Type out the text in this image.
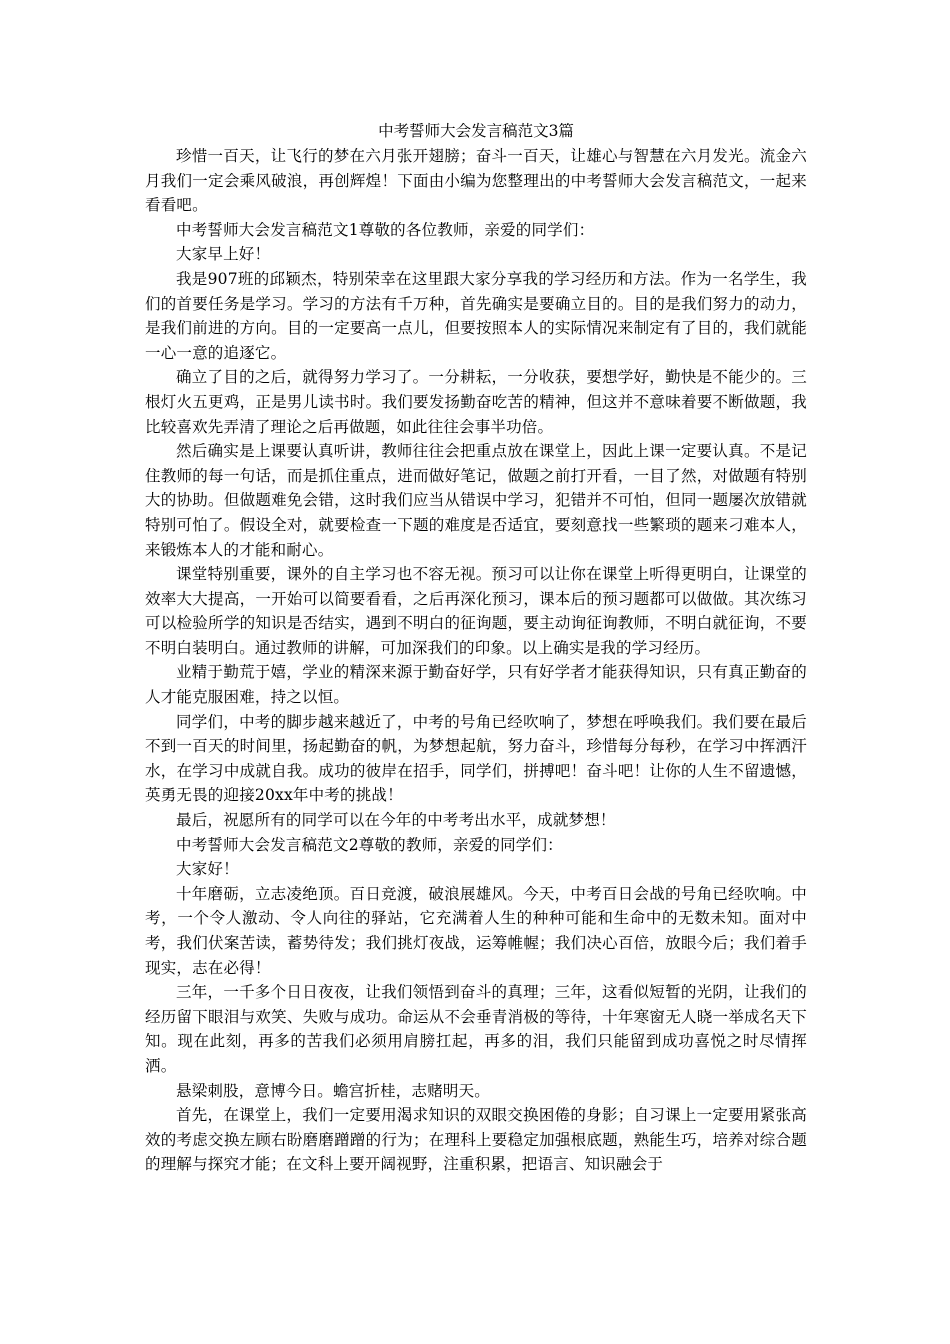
中考誓师大会发言稿范文3篇

珍惜一百天，让飞行的梦在六月张开翅膀；奋斗一百天，让雄心与智慧在六月发光。流金六月我们一定会乘风破浪，再创辉煌！下面由小编为您整理出的中考誓师大会发言稿范文，一起来看看吧。

中考誓师大会发言稿范文1尊敬的各位教师，亲爱的同学们：

大家早上好！

我是907班的邱颖杰，特别荣幸在这里跟大家分享我的学习经历和方法。作为一名学生，我们的首要任务是学习。学习的方法有千万种，首先确实是要确立目的。目的是我们努力的动力，是我们前进的方向。目的一定要高一点儿，但要按照本人的实际情况来制定有了目的，我们就能一心一意的追逐它。

确立了目的之后，就得努力学习了。一分耕耘，一分收获，要想学好，勤快是不能少的。三根灯火五更鸡，正是男儿读书时。我们要发扬勤奋吃苦的精神，但这并不意味着要不断做题，我比较喜欢先弄清了理论之后再做题，如此往往会事半功倍。

然后确实是上课要认真听讲，教师往往会把重点放在课堂上，因此上课一定要认真。不是记住教师的每一句话，而是抓住重点，进而做好笔记，做题之前打开看，一目了然，对做题有特别大的协助。但做题难免会错，这时我们应当从错误中学习，犯错并不可怕，但同一题屡次放错就特别可怕了。假设全对，就要检查一下题的难度是否适宜，要刻意找一些繁琐的题来刁难本人，来锻炼本人的才能和耐心。

课堂特别重要，课外的自主学习也不容无视。预习可以让你在课堂上听得更明白，让课堂的效率大大提高，一开始可以简要看看，之后再深化预习，课本后的预习题都可以做做。其次练习可以检验所学的知识是否结实，遇到不明白的征询题，要主动询征询教师，不明白就征询，不要不明白装明白。通过教师的讲解，可加深我们的印象。以上确实是我的学习经历。

业精于勤荒于嬉，学业的精深来源于勤奋好学，只有好学者才能获得知识，只有真正勤奋的人才能克服困难，持之以恒。

同学们，中考的脚步越来越近了，中考的号角已经吹响了，梦想在呼唤我们。我们要在最后不到一百天的时间里，扬起勤奋的帆，为梦想起航，努力奋斗，珍惜每分每秒，在学习中挥洒汗水，在学习中成就自我。成功的彼岸在招手，同学们，拼搏吧！奋斗吧！让你的人生不留遗憾，英勇无畏的迎接20xx年中考的挑战！

最后，祝愿所有的同学可以在今年的中考考出水平，成就梦想！

中考誓师大会发言稿范文2尊敬的教师，亲爱的同学们：

大家好！

十年磨砺，立志凌绝顶。百日竞渡，破浪展雄风。今天，中考百日会战的号角已经吹响。中考，一个令人激动、令人向往的驿站，它充满着人生的种种可能和生命中的无数未知。面对中考，我们伏案苦读，蓄势待发；我们挑灯夜战，运筹帷幄；我们决心百倍，放眼今后；我们着手现实，志在必得！

三年，一千多个日日夜夜，让我们领悟到奋斗的真理；三年，这看似短暂的光阴，让我们的经历留下眼泪与欢笑、失败与成功。命运从不会垂青消极的等待，十年寒窗无人晓一举成名天下知。现在此刻，再多的苦我们必须用肩膀扛起，再多的泪，我们只能留到成功喜悦之时尽情挥洒。

悬梁刺股，意博今日。蟾宫折桂，志赌明天。

首先，在课堂上，我们一定要用渴求知识的双眼交换困倦的身影；自习课上一定要用紧张高效的考虑交换左顾右盼磨磨蹭蹭的行为；在理科上要稳定加强根底题，熟能生巧，培养对综合题的理解与探究才能；在文科上要开阔视野，注重积累，把语言、知识融会于
